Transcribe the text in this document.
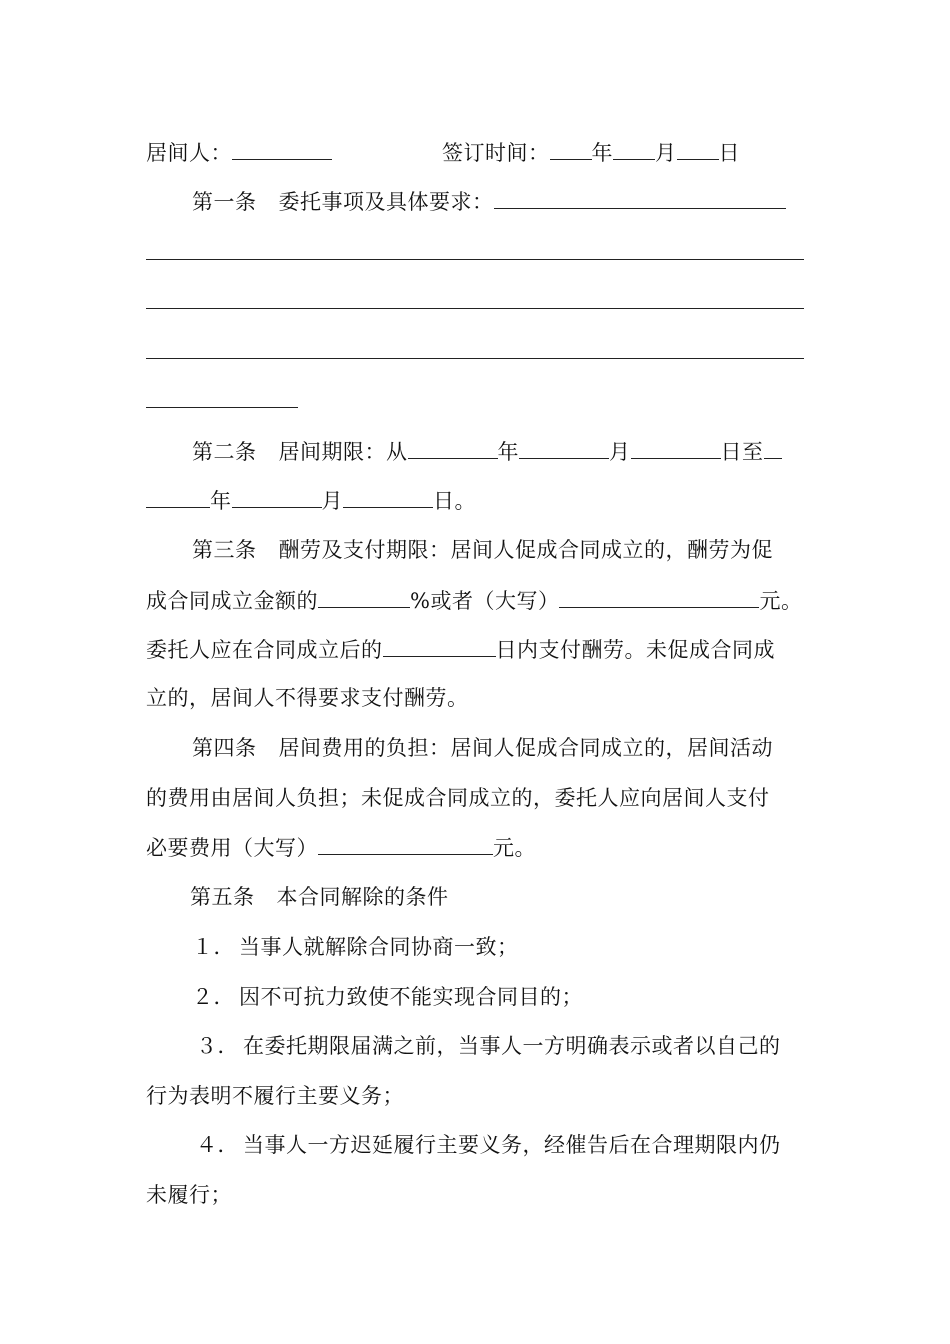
居间人：	签订时间： 年 月 日
第一条 委托事项及具体要求：
第二条 居间期限：从	年	月	日至
年	月	日。
第三条 酬劳及支付期限：居间人促成合同成立的，酬劳为促
成合同成立金额的	%或者（大写）	元。
委托人应在合同成立后的	日内支付酬劳。未促成合同成
立的，居间人不得要求支付酬劳。
第四条 居间费用的负担：居间人促成合同成立的，居间活动
的费用由居间人负担；未促成合同成立的，委托人应向居间人支付
必要费用（大写）	元。
第五条 本合同解除的条件
１． 当事人就解除合同协商一致；
２． 因不可抗力致使不能实现合同目的；
３． 在委托期限届满之前，当事人一方明确表示或者以自己的
行为表明不履行主要义务；
４． 当事人一方迟延履行主要义务，经催告后在合理期限内仍
未履行；
